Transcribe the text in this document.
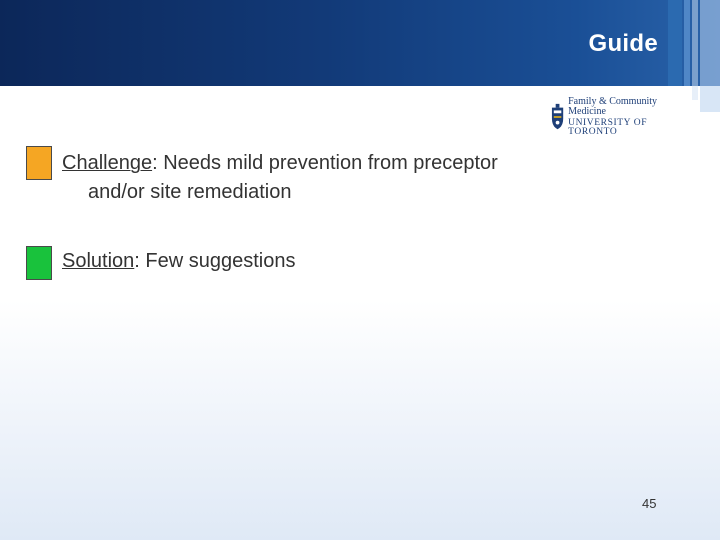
Guide
Family & Community Medicine
UNIVERSITY OF TORONTO
Challenge: Needs mild prevention from preceptor
and/or site remediation
Solution: Few suggestions
45
